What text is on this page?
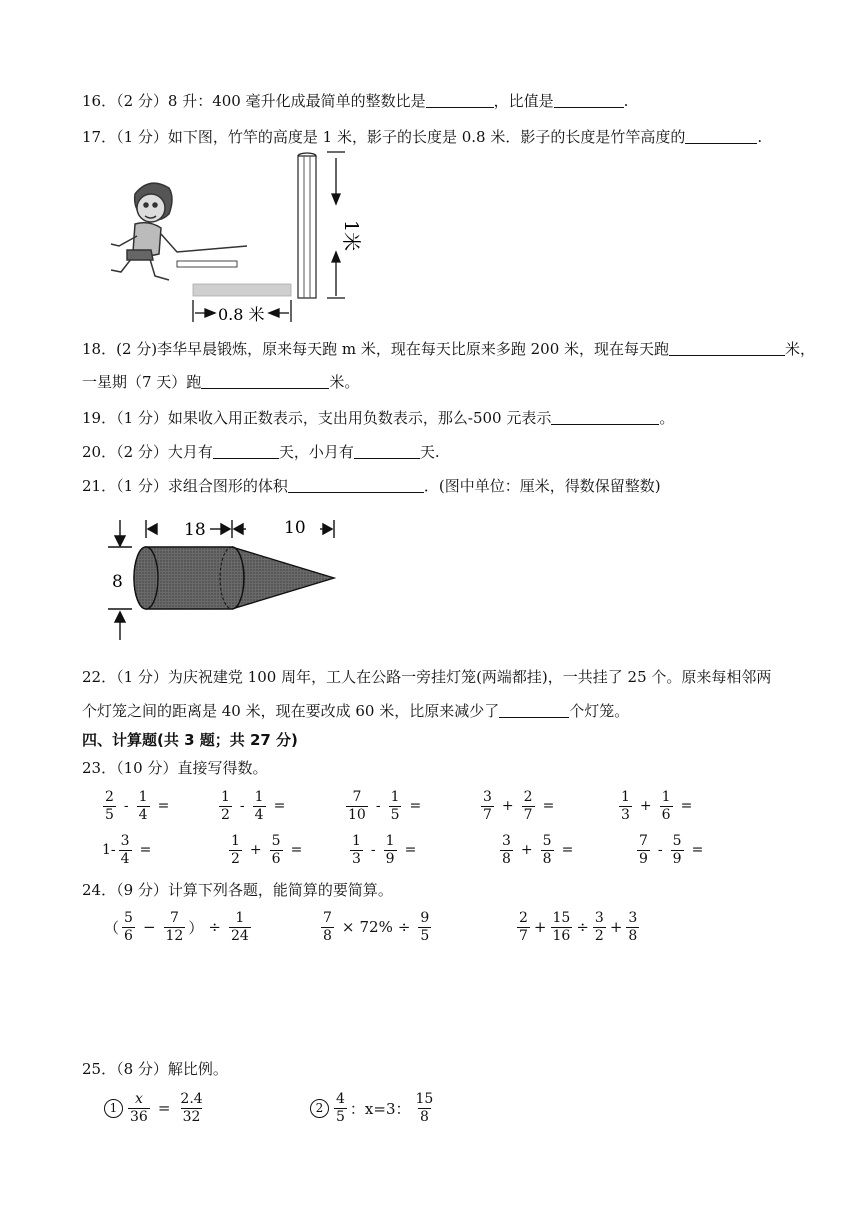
16．（2 分）8 升：400 毫升化成最简单的整数比是	，比值是	.
17．（1 分）如下图，竹竿的高度是 1 米，影子的长度是 0.8 米．影子的长度是竹竿高度的	.
1米
0.8 米
18．(2 分)李华早晨锻炼，原来每天跑 m 米，现在每天比原来多跑 200 米，现在每天跑	米，
一星期（7 天）跑	米。
19．（1 分）如果收入用正数表示，支出用负数表示，那么-500 元表示	。
20．（2 分）大月有	天，小月有	天.
21．（1 分）求组合图形的体积	．(图中单位：厘米，得数保留整数)
8
18	10
22．（1 分）为庆祝建党 100 周年，工人在公路一旁挂灯笼(两端都挂)，一共挂了 25 个。原来每相邻两
个灯笼之间的距离是 40 米，现在要改成 60 米，比原来减少了	个灯笼。
四、计算题(共 3 题；共 27 分)
23．（10 分）直接写得数。
$\frac{2}{5} - \frac{1}{4}$ =	$\frac{1}{2} - \frac{1}{4}$ =	$\frac{7}{10} - \frac{1}{5}$ =	$\frac{3}{7} + \frac{2}{7}$ =	$\frac{1}{3} + \frac{1}{6}$ =
$1- \frac{3}{4}$ =	$\frac{1}{2} + \frac{5}{6}$ =	$\frac{1}{3} - \frac{1}{9}$ =	$\frac{3}{8} + \frac{5}{8}$ =	$\frac{7}{9} - \frac{5}{9}$ =
24．（9 分）计算下列各题，能简算的要简算。
（ $\frac{5}{6} - \frac{7}{12}$ ） ÷ $\frac{1}{24}$	$\frac{7}{8} \times 72\% \div \frac{9}{5}$	$\frac{2}{7} + \frac{15}{16} \div \frac{3}{2} + \frac{3}{8}$
25．（8 分）解比例。
$1 \frac{x}{36} = \frac{2.4}{32}$	$2 \frac{4}{5}$ ：x=3： $\frac{15}{8}$
